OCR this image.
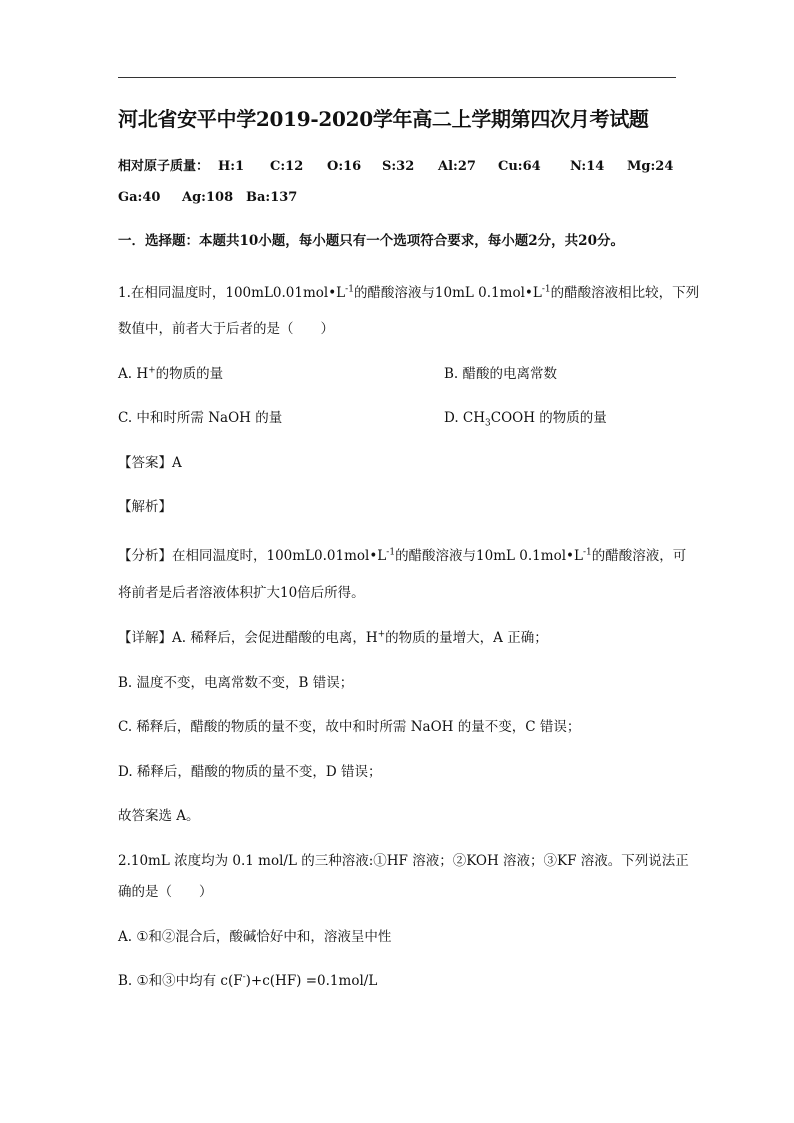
河北省安平中学2019-2020学年高二上学期第四次月考试题
相对原子质量： H:1 C:12 O:16 S:32 Al:27 Cu:64 N:14 Mg:24
Ga:40 Ag:108 Ba:137
一．选择题：本题共10小题，每小题只有一个选项符合要求，每小题2分，共20分。
1.在相同温度时，$100mL0.01mol•L^{-1}$的醋酸溶液与10mL $0.1mol•L^{-1}$的醋酸溶液相比较，下列
数值中，前者大于后者的是（　　）
A. H+的物质的量	B. 醋酸的电离常数
C. 中和时所需 NaOH 的量	D. $CH_3COOH$ 的物质的量
【答案】A
【解析】
【分析】在相同温度时，$100mL0.01mol•L^{-1}$的醋酸溶液与10mL $0.1mol•L^{-1}$的醋酸溶液，可
将前者是后者溶液体积扩大10倍后所得。
【详解】A. 稀释后，会促进醋酸的电离，H+的物质的量增大，A 正确；
B. 温度不变，电离常数不变，B 错误；
C. 稀释后，醋酸的物质的量不变，故中和时所需 NaOH 的量不变，C 错误；
D. 稀释后，醋酸的物质的量不变，D 错误；
故答案选 A。
2.10mL 浓度均为 0.1 mol/L 的三种溶液:①HF 溶液；②KOH 溶液；③KF 溶液。下列说法正
确的是（　　）
A. ①和②混合后，酸碱恰好中和，溶液呈中性
B. ①和③中均有 c(F-)+c(HF) =0.1mol/L
